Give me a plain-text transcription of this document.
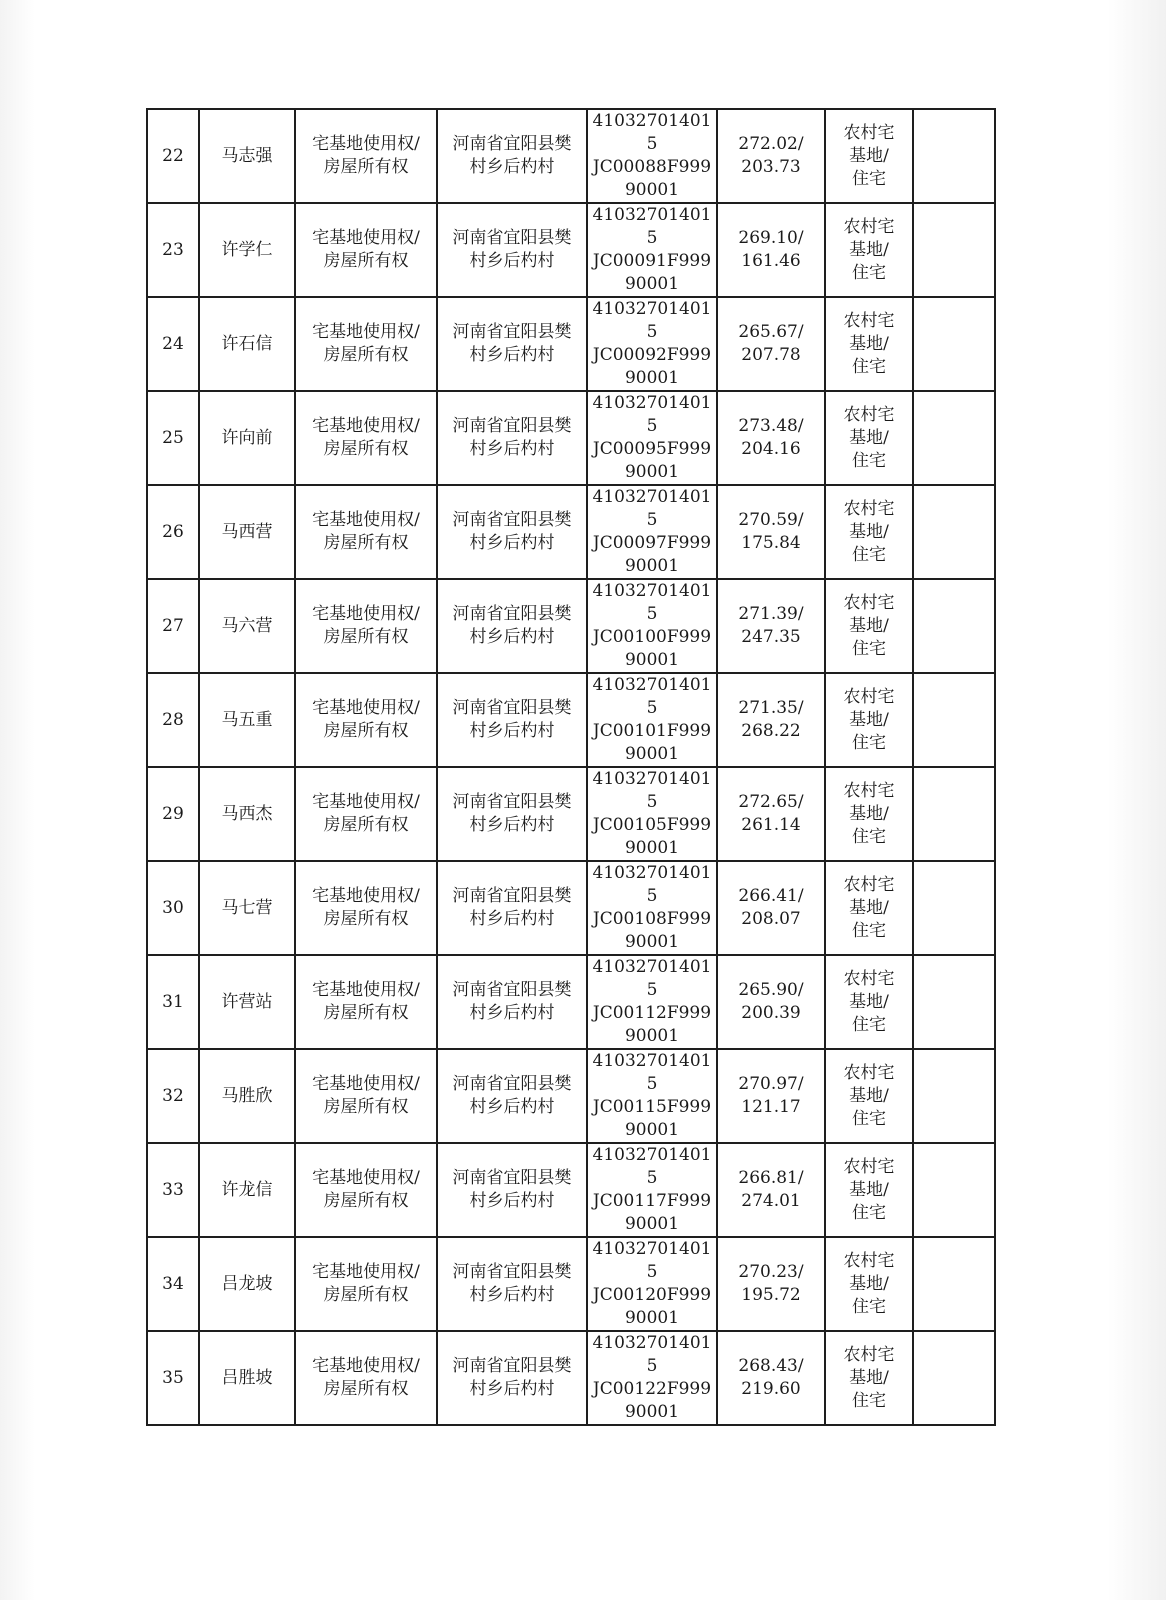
22	马志强	宅基地使用权/
房屋所有权	河南省宜阳县樊
村乡后杓村	410327014015
JC00088F999
90001	272.02/
203.73	农村宅
基地/
住宅	

23	许学仁	宅基地使用权/
房屋所有权	河南省宜阳县樊
村乡后杓村	410327014015
JC00091F999
90001	269.10/
161.46	农村宅
基地/
住宅	

24	许石信	宅基地使用权/
房屋所有权	河南省宜阳县樊
村乡后杓村	410327014015
JC00092F999
90001	265.67/
207.78	农村宅
基地/
住宅	

25	许向前	宅基地使用权/
房屋所有权	河南省宜阳县樊
村乡后杓村	410327014015
JC00095F999
90001	273.48/
204.16	农村宅
基地/
住宅	

26	马西营	宅基地使用权/
房屋所有权	河南省宜阳县樊
村乡后杓村	410327014015
JC00097F999
90001	270.59/
175.84	农村宅
基地/
住宅	

27	马六营	宅基地使用权/
房屋所有权	河南省宜阳县樊
村乡后杓村	410327014015
JC00100F999
90001	271.39/
247.35	农村宅
基地/
住宅	

28	马五重	宅基地使用权/
房屋所有权	河南省宜阳县樊
村乡后杓村	410327014015
JC00101F999
90001	271.35/
268.22	农村宅
基地/
住宅	

29	马西杰	宅基地使用权/
房屋所有权	河南省宜阳县樊
村乡后杓村	410327014015
JC00105F999
90001	272.65/
261.14	农村宅
基地/
住宅	

30	马七营	宅基地使用权/
房屋所有权	河南省宜阳县樊
村乡后杓村	410327014015
JC00108F999
90001	266.41/
208.07	农村宅
基地/
住宅	

31	许营站	宅基地使用权/
房屋所有权	河南省宜阳县樊
村乡后杓村	410327014015
JC00112F999
90001	265.90/
200.39	农村宅
基地/
住宅	

32	马胜欣	宅基地使用权/
房屋所有权	河南省宜阳县樊
村乡后杓村	410327014015
JC00115F999
90001	270.97/
121.17	农村宅
基地/
住宅	

33	许龙信	宅基地使用权/
房屋所有权	河南省宜阳县樊
村乡后杓村	410327014015
JC00117F999
90001	266.81/
274.01	农村宅
基地/
住宅	

34	吕龙坡	宅基地使用权/
房屋所有权	河南省宜阳县樊
村乡后杓村	410327014015
JC00120F999
90001	270.23/
195.72	农村宅
基地/
住宅	

35	吕胜坡	宅基地使用权/
房屋所有权	河南省宜阳县樊
村乡后杓村	410327014015
JC00122F999
90001	268.43/
219.60	农村宅
基地/
住宅	
